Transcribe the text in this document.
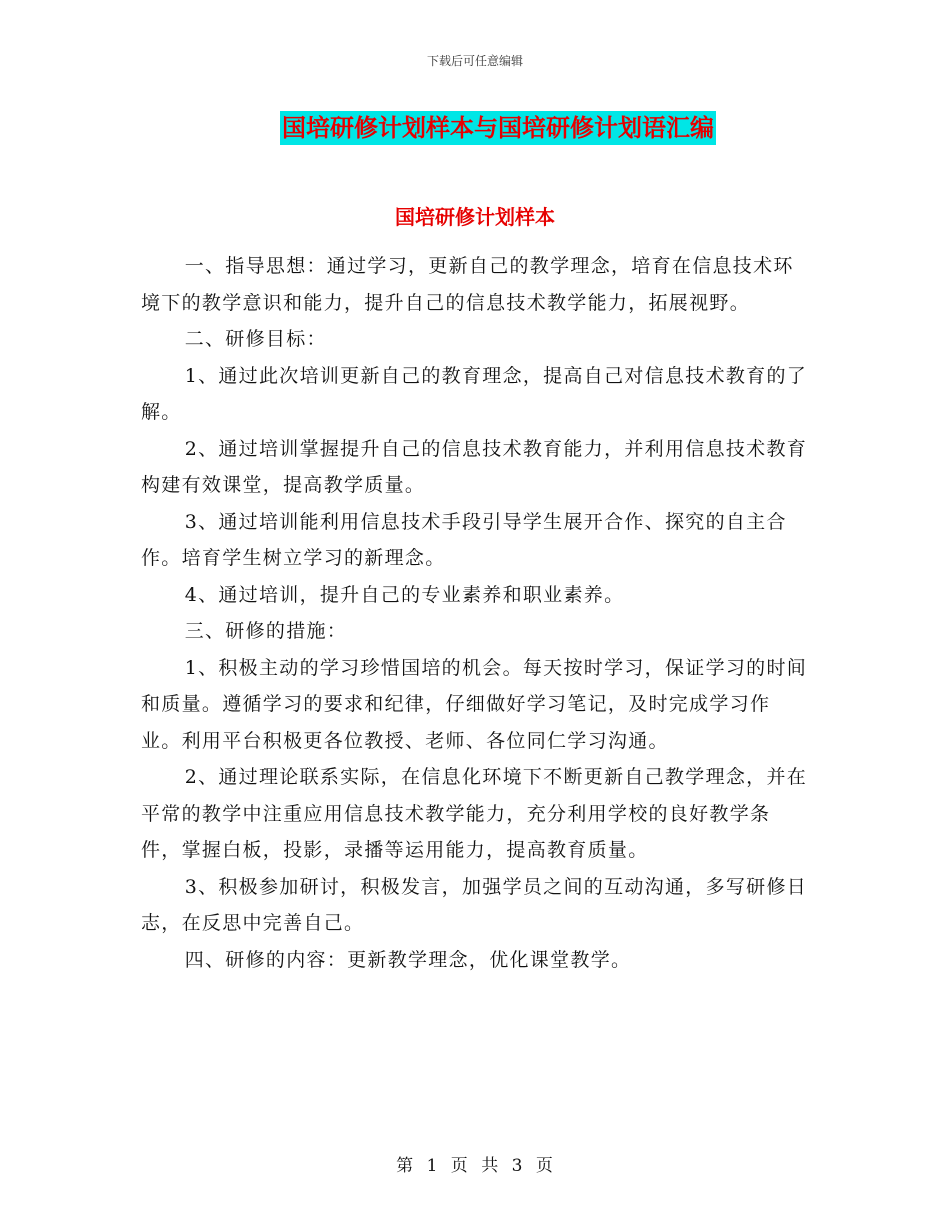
下载后可任意编辑
国培研修计划样本与国培研修计划语汇编
国培研修计划样本

一、指导思想：通过学习，更新自己的教学理念，培育在信息技术环境下的教学意识和能力，提升自己的信息技术教学能力，拓展视野。

二、研修目标：

1、通过此次培训更新自己的教育理念，提高自己对信息技术教育的了解。

2、通过培训掌握提升自己的信息技术教育能力，并利用信息技术教育构建有效课堂，提高教学质量。

3、通过培训能利用信息技术手段引导学生展开合作、探究的自主合作。培育学生树立学习的新理念。

4、通过培训，提升自己的专业素养和职业素养。

三、研修的措施：

1、积极主动的学习珍惜国培的机会。每天按时学习，保证学习的时间和质量。遵循学习的要求和纪律，仔细做好学习笔记，及时完成学习作业。利用平台积极更各位教授、老师、各位同仁学习沟通。

2、通过理论联系实际，在信息化环境下不断更新自己教学理念，并在平常的教学中注重应用信息技术教学能力，充分利用学校的良好教学条件，掌握白板，投影，录播等运用能力，提高教育质量。

3、积极参加研讨，积极发言，加强学员之间的互动沟通，多写研修日志，在反思中完善自己。

四、研修的内容：更新教学理念，优化课堂教学。

第 1 页 共 3 页
